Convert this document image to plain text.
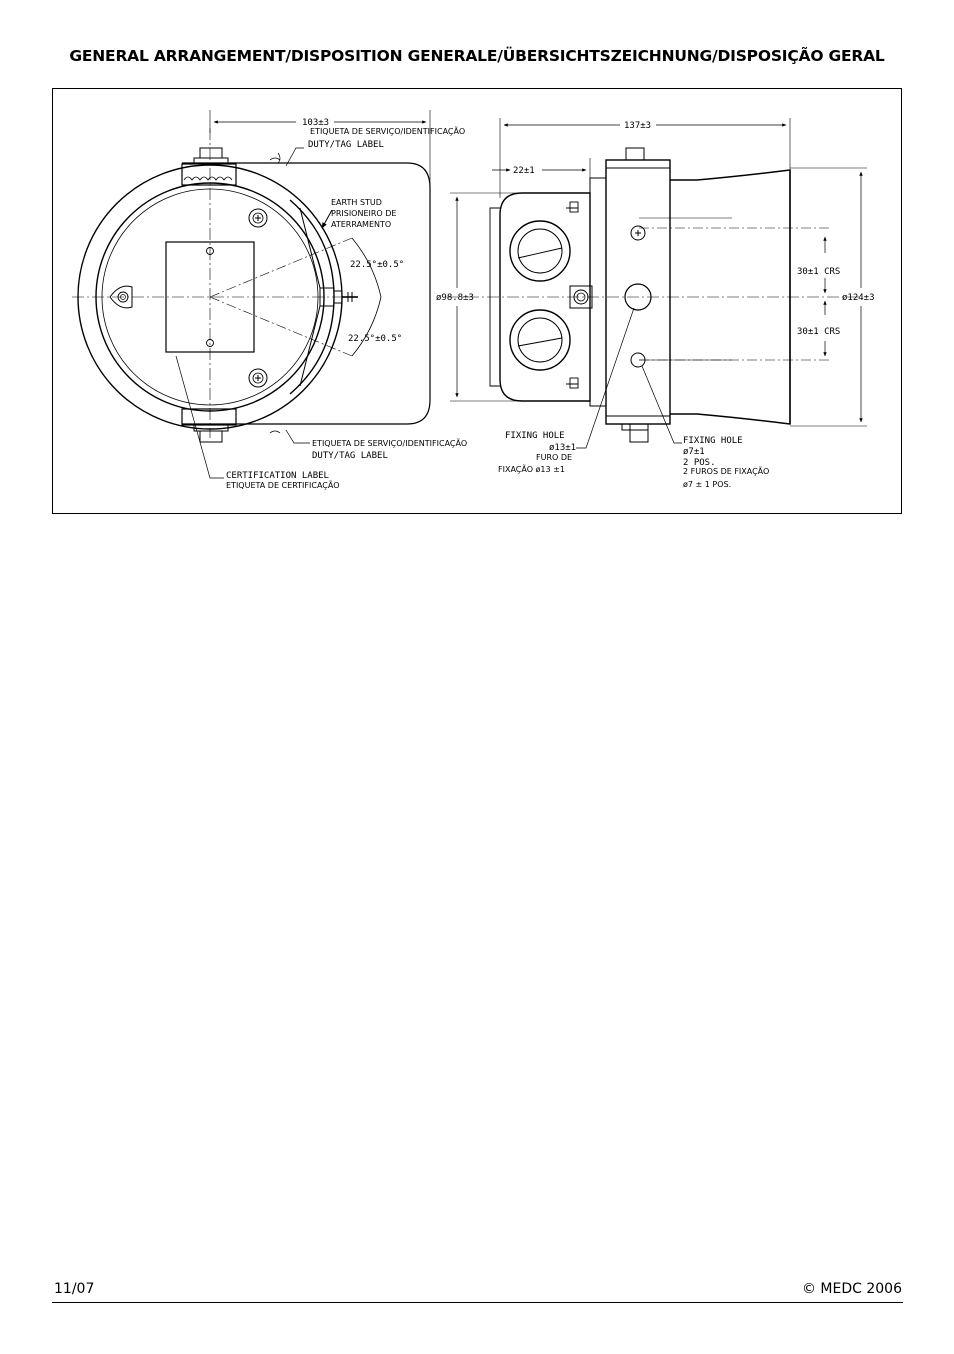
GENERAL ARRANGEMENT/DISPOSITION GENERALE/ÜBERSICHTSZEICHNUNG/DISPOSIÇÃO GERAL
103±3
ETIQUETA DE SERVIÇO/IDENTIFICAÇÃO
DUTY/TAG LABEL
EARTH STUD
PRISIONEIRO DE
ATERRAMENTO
22.5°±0.5°
22.5°±0.5°
ETIQUETA DE SERVIÇO/IDENTIFICAÇÃO
DUTY/TAG LABEL
CERTIFICATION LABEL
ETIQUETA DE CERTIFICAÇÃO
137±3
22±1
ø98.8±3
30±1 CRS
30±1 CRS
ø124±3
FIXING HOLE
ø13±1
FURO DE
FIXAÇÃO ø13 ±1
FIXING HOLE
ø7±1
2 POS.
2 FUROS DE FIXAÇÃO
ø7 ± 1 POS.
11/07	© MEDC 2006
